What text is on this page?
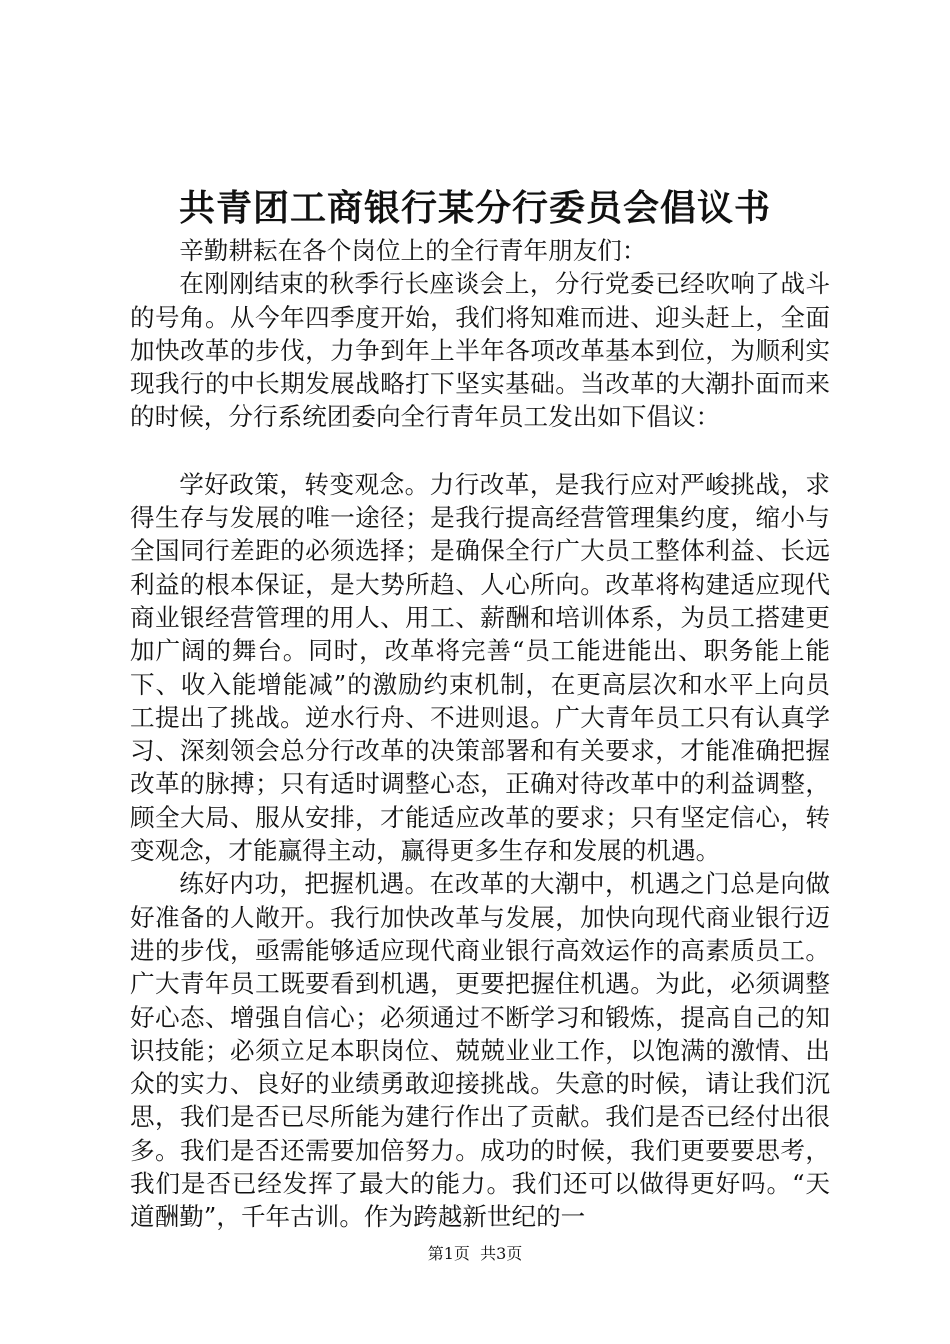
共青团工商银行某分行委员会倡议书

辛勤耕耘在各个岗位上的全行青年朋友们：

在刚刚结束的秋季行长座谈会上，分行党委已经吹响了战斗的号角。从今年四季度开始，我们将知难而进、迎头赶上，全面加快改革的步伐，力争到年上半年各项改革基本到位，为顺利实现我行的中长期发展战略打下坚实基础。当改革的大潮扑面而来的时候，分行系统团委向全行青年员工发出如下倡议：

学好政策，转变观念。力行改革，是我行应对严峻挑战，求得生存与发展的唯一途径；是我行提高经营管理集约度，缩小与全国同行差距的必须选择；是确保全行广大员工整体利益、长远利益的根本保证，是大势所趋、人心所向。改革将构建适应现代商业银经营管理的用人、用工、薪酬和培训体系，为员工搭建更加广阔的舞台。同时，改革将完善“员工能进能出、职务能上能下、收入能增能减”的激励约束机制，在更高层次和水平上向员工提出了挑战。逆水行舟、不进则退。广大青年员工只有认真学习、深刻领会总分行改革的决策部署和有关要求，才能准确把握改革的脉搏；只有适时调整心态，正确对待改革中的利益调整，顾全大局、服从安排，才能适应改革的要求；只有坚定信心，转变观念，才能赢得主动，赢得更多生存和发展的机遇。

练好内功，把握机遇。在改革的大潮中，机遇之门总是向做好准备的人敞开。我行加快改革与发展，加快向现代商业银行迈进的步伐，亟需能够适应现代商业银行高效运作的高素质员工。广大青年员工既要看到机遇，更要把握住机遇。为此，必须调整好心态、增强自信心；必须通过不断学习和锻炼，提高自己的知识技能；必须立足本职岗位、兢兢业业工作，以饱满的激情、出众的实力、良好的业绩勇敢迎接挑战。失意的时候，请让我们沉思，我们是否已尽所能为建行作出了贡献。我们是否已经付出很多。我们是否还需要加倍努力。成功的时候，我们更要要思考，我们是否已经发挥了最大的能力。我们还可以做得更好吗。“天道酬勤”，千年古训。作为跨越新世纪的一

第1页  共3页
